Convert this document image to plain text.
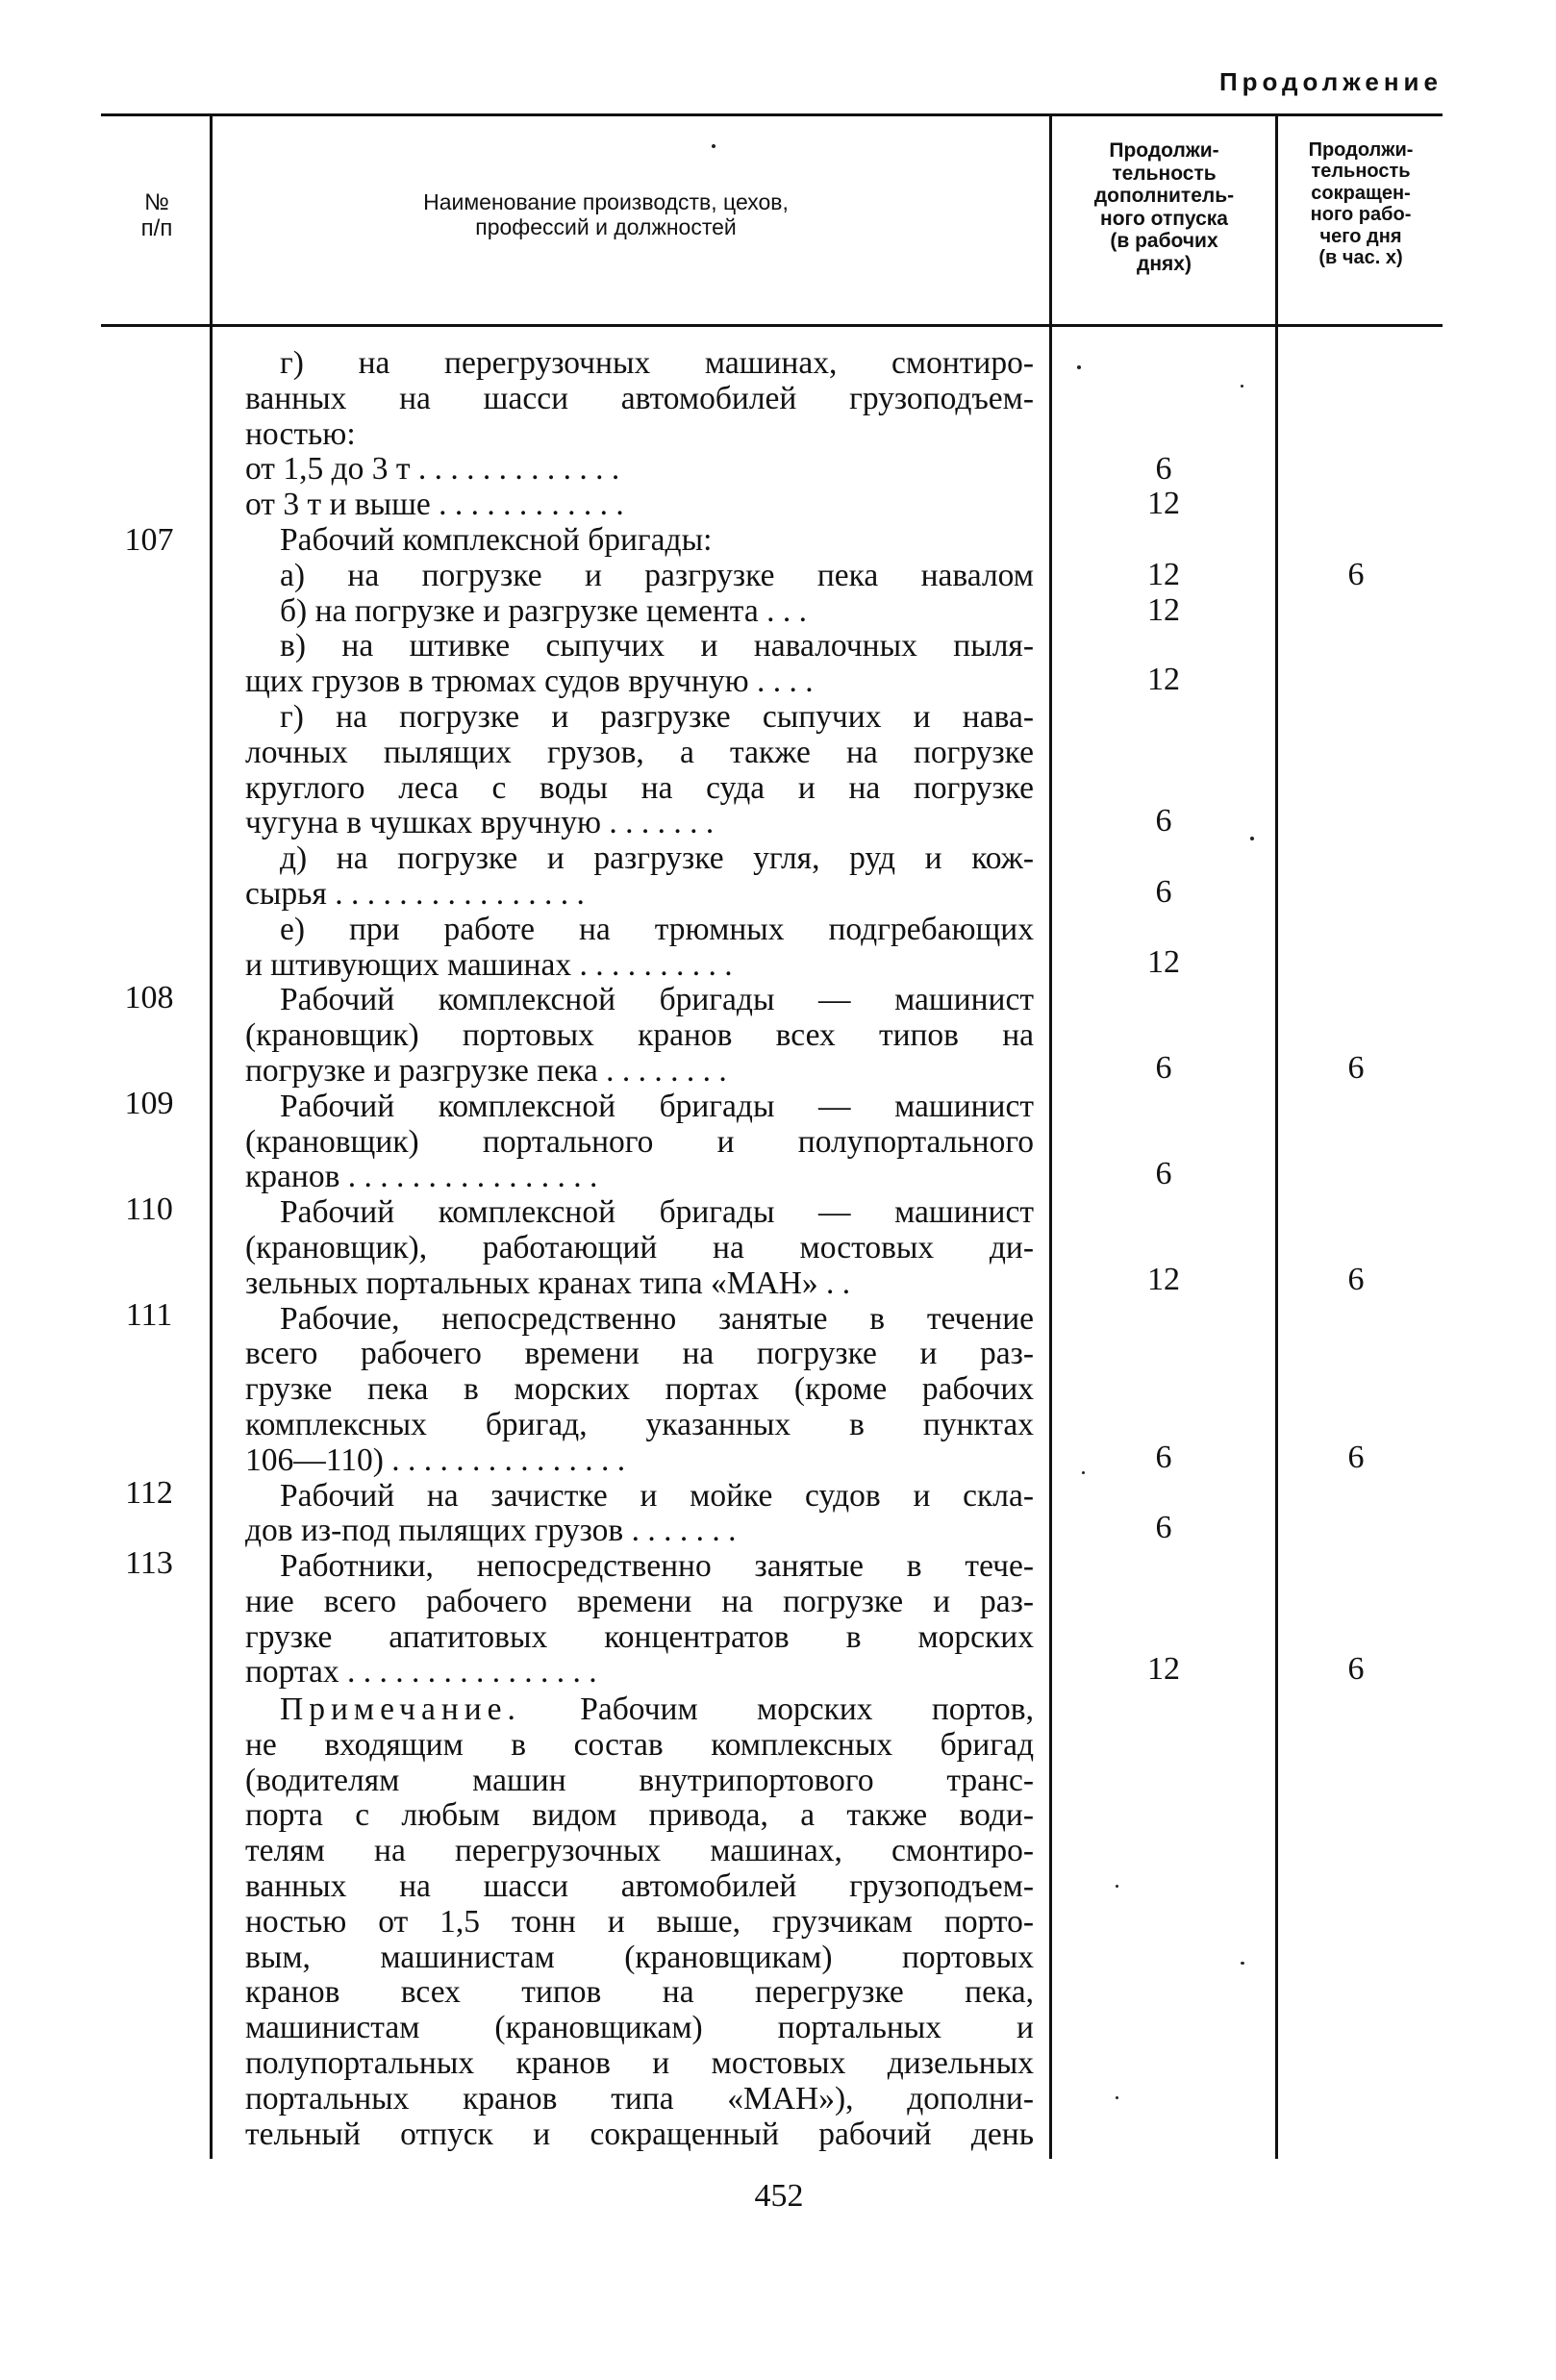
Продолжение
№
п/п
Наименование производств, цехов,
профессий и должностей
Продолжи-
тельность
дополнитель-
ного отпуска
(в рабочих
днях)
Продолжи-
тельность
сокращен-
ного рабо-
чего дня
(в час. х)
г) на перегрузочных машинах, смонтиро-
ванных на шасси автомобилей грузоподъем-
ностью:
от 1,5 до 3 т . . . . . . . . . . . . .
от 3 т и выше . . . . . . . . . . . .
Рабочий комплексной бригады:
а) на погрузке и разгрузке пека навалом
б) на погрузке и разгрузке цемента . . .
в) на штивке сыпучих и навалочных пыля-
щих грузов в трюмах судов вручную . . . .
г) на погрузке и разгрузке сыпучих и нава-
лочных пылящих грузов, а также на погрузке
круглого леса с воды на суда и на погрузке
чугуна в чушках вручную . . . . . . .
д) на погрузке и разгрузке угля, руд и кож-
сырья . . . . . . . . . . . . . . . .
е) при работе на трюмных подгребающих
и штивующих машинах . . . . . . . . . .
Рабочий комплексной бригады — машинист
(крановщик) портовых кранов всех типов на
погрузке и разгрузке пека . . . . . . . .
Рабочий комплексной бригады — машинист
(крановщик) портального и полупортального
кранов . . . . . . . . . . . . . . . .
Рабочий комплексной бригады — машинист
(крановщик), работающий на мостовых ди-
зельных портальных кранах типа «МАН» . .
Рабочие, непосредственно занятые в течение
всего рабочего времени на погрузке и раз-
грузке пека в морских портах (кроме рабочих
комплексных бригад, указанных в пунктах
106—110) . . . . . . . . . . . . . . .
Рабочий на зачистке и мойке судов и скла-
дов из-под пылящих грузов . . . . . . .
Работники, непосредственно занятые в тече-
ние всего рабочего времени на погрузке и раз-
грузке апатитовых концентратов в морских
портах . . . . . . . . . . . . . . . .
107
108
109
110
111
112
113
6
12
12
12
12
6
6
12
6
6
12
6
6
12
6
6
6
6
6
Примечание. Рабочим морских портов,
не входящим в состав комплексных бригад
(водителям машин внутрипортового транс-
порта с любым видом привода, а также води-
телям на перегрузочных машинах, смонтиро-
ванных на шасси автомобилей грузоподъем-
ностью от 1,5 тонн и выше, грузчикам порто-
вым, машинистам (крановщикам) портовых
кранов всех типов на перегрузке пека,
машинистам (крановщикам) портальных и
полупортальных кранов и мостовых дизельных
портальных кранов типа «МАН»), дополни-
тельный отпуск и сокращенный рабочий день
452
